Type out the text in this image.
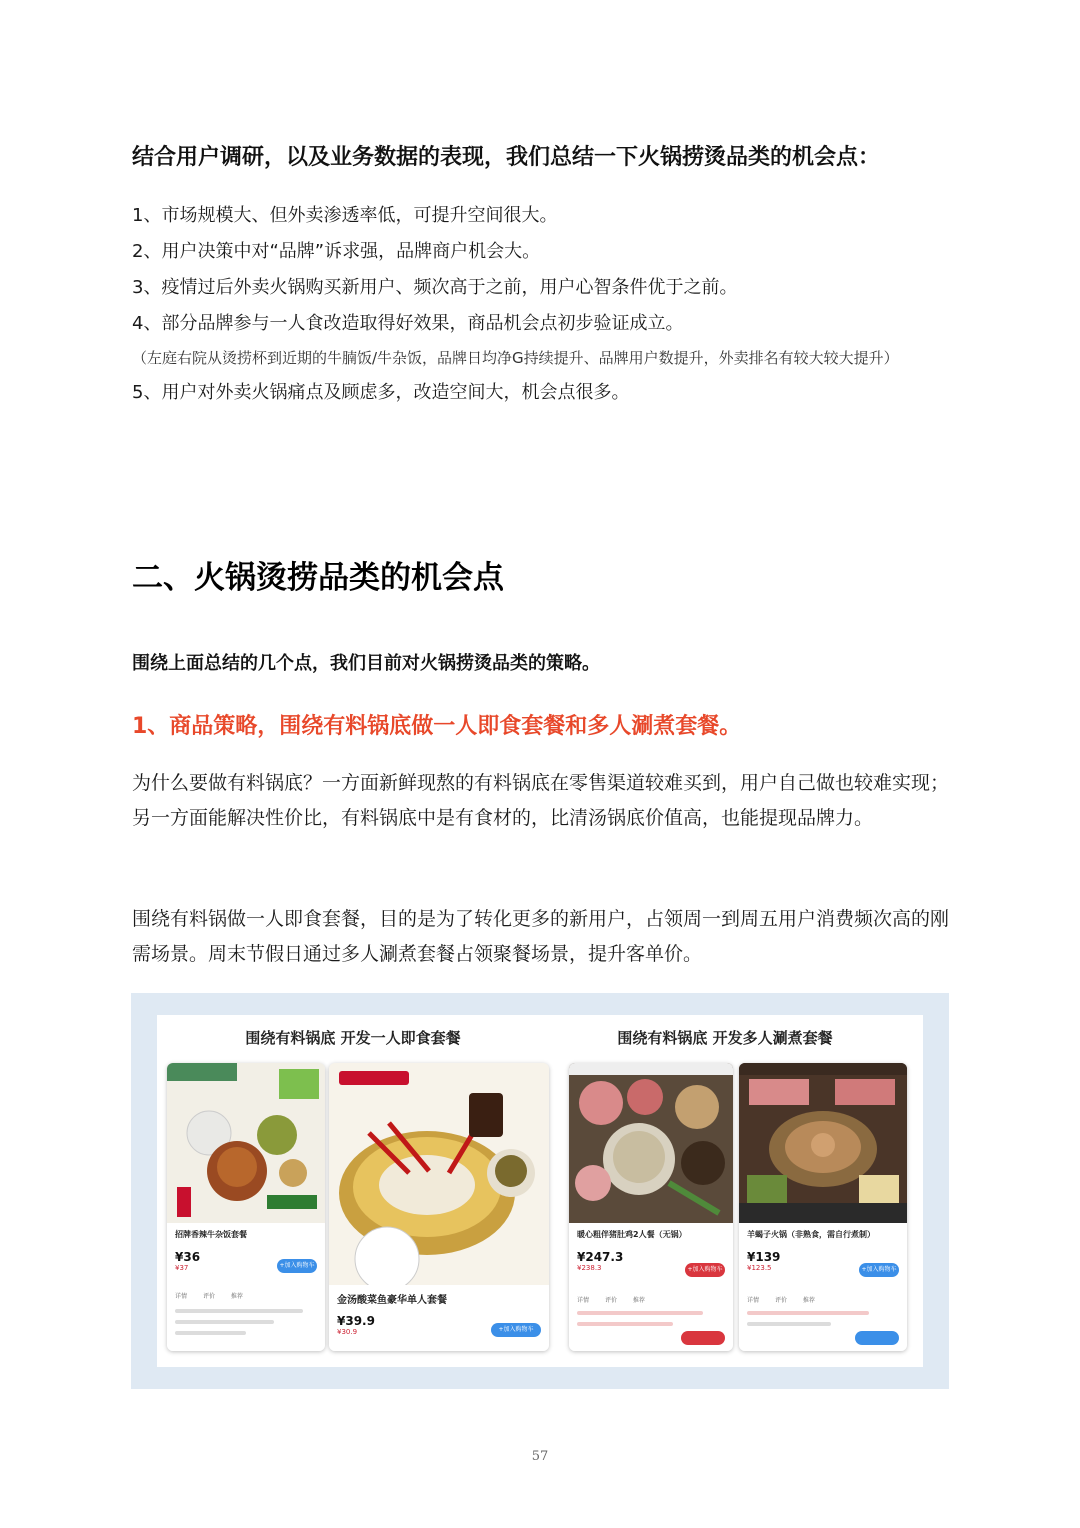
结合用户调研，以及业务数据的表现，我们总结一下火锅捞烫品类的机会点：
1、市场规模大、但外卖渗透率低，可提升空间很大。
2、用户决策中对“品牌”诉求强，品牌商户机会大。
3、疫情过后外卖火锅购买新用户、频次高于之前，用户心智条件优于之前。
4、部分品牌参与一人食改造取得好效果，商品机会点初步验证成立。
（左庭右院从烫捞杯到近期的牛腩饭/牛杂饭，品牌日均净G持续提升、品牌用户数提升，外卖排名有较大较大提升）
5、用户对外卖火锅痛点及顾虑多，改造空间大，机会点很多。
二、火锅烫捞品类的机会点
围绕上面总结的几个点，我们目前对火锅捞烫品类的策略。
1、商品策略，围绕有料锅底做一人即食套餐和多人涮煮套餐。
为什么要做有料锅底？一方面新鲜现熬的有料锅底在零售渠道较难买到，用户自己做也较难实现；另一方面能解决性价比，有料锅底中是有食材的，比清汤锅底价值高，也能提现品牌力。
围绕有料锅做一人即食套餐，目的是为了转化更多的新用户，占领周一到周五用户消费频次高的刚需场景。周末节假日通过多人涮煮套餐占领聚餐场景，提升客单价。
围绕有料锅底 开发一人即食套餐	围绕有料锅底 开发多人涮煮套餐
招牌香辣牛杂饭套餐
¥36
¥37	+加入购物车
详情	评价	推荐	金汤酸菜鱼豪华单人套餐
¥39.9
¥30.9	+加入购物车
暖心粗伴猪肚鸡2人餐（无锅）
¥247.3
¥238.3	+加入购物车
详情	评价	推荐
羊蝎子火锅（非熟食，需自行煮制）
¥139
¥123.5	+加入购物车
详情	评价	推荐
57
